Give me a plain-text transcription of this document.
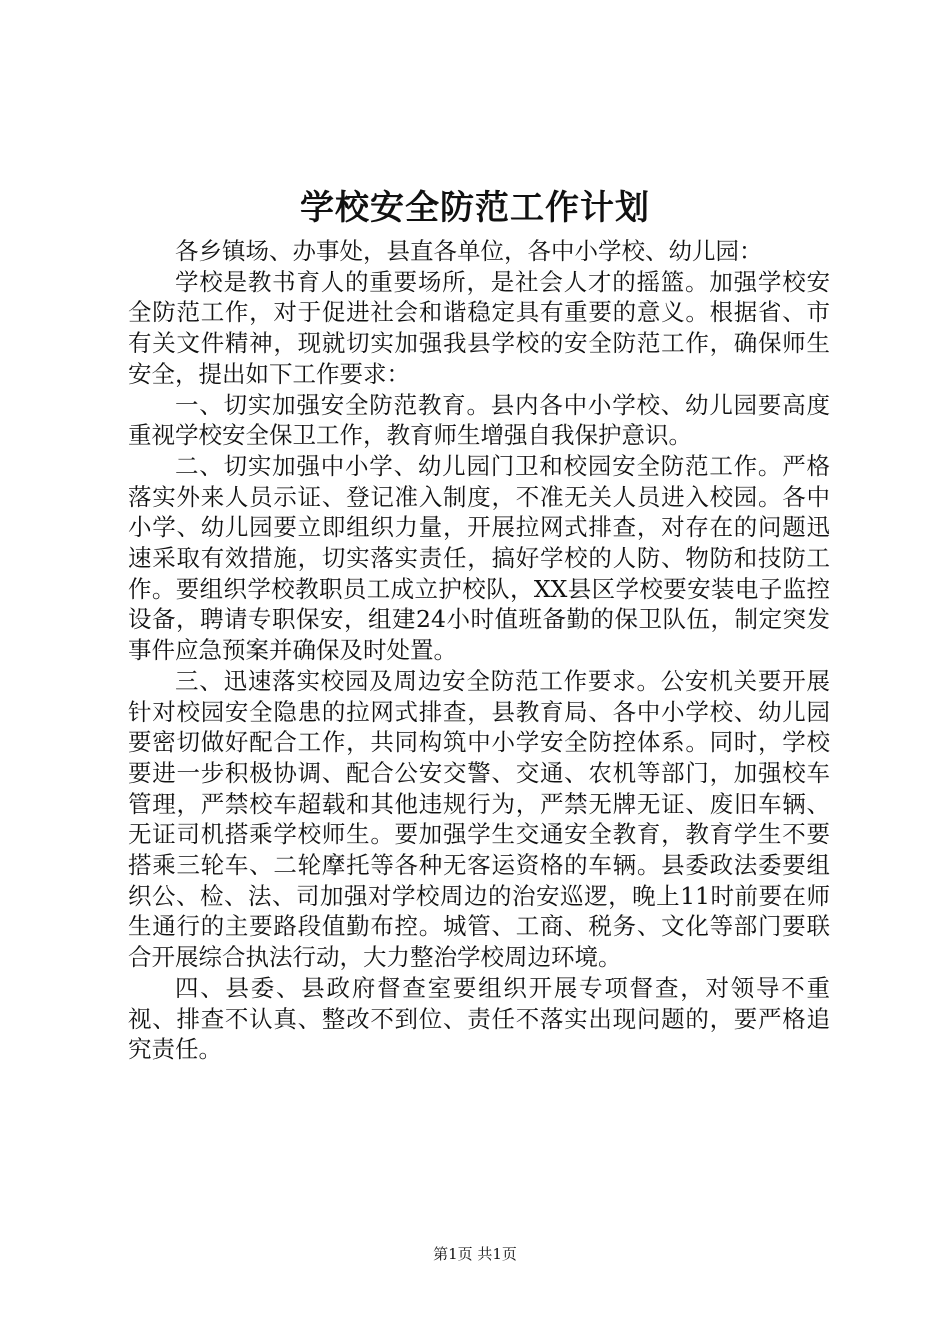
学校安全防范工作计划

各乡镇场、办事处，县直各单位，各中小学校、幼儿园：

学校是教书育人的重要场所，是社会人才的摇篮。加强学校安全防范工作，对于促进社会和谐稳定具有重要的意义。根据省、市有关文件精神，现就切实加强我县学校的安全防范工作，确保师生安全，提出如下工作要求：

一、切实加强安全防范教育。县内各中小学校、幼儿园要高度重视学校安全保卫工作，教育师生增强自我保护意识。

二、切实加强中小学、幼儿园门卫和校园安全防范工作。严格落实外来人员示证、登记准入制度，不准无关人员进入校园。各中小学、幼儿园要立即组织力量，开展拉网式排查，对存在的问题迅速采取有效措施，切实落实责任，搞好学校的人防、物防和技防工作。要组织学校教职员工成立护校队，XX县区学校要安装电子监控设备，聘请专职保安，组建24小时值班备勤的保卫队伍，制定突发事件应急预案并确保及时处置。

三、迅速落实校园及周边安全防范工作要求。公安机关要开展针对校园安全隐患的拉网式排查，县教育局、各中小学校、幼儿园要密切做好配合工作，共同构筑中小学安全防控体系。同时，学校要进一步积极协调、配合公安交警、交通、农机等部门，加强校车管理，严禁校车超载和其他违规行为，严禁无牌无证、废旧车辆、无证司机搭乘学校师生。要加强学生交通安全教育，教育学生不要搭乘三轮车、二轮摩托等各种无客运资格的车辆。县委政法委要组织公、检、法、司加强对学校周边的治安巡逻，晚上11时前要在师生通行的主要路段值勤布控。城管、工商、税务、文化等部门要联合开展综合执法行动，大力整治学校周边环境。

四、县委、县政府督查室要组织开展专项督查，对领导不重视、排查不认真、整改不到位、责任不落实出现问题的，要严格追究责任。

第1页 共1页
